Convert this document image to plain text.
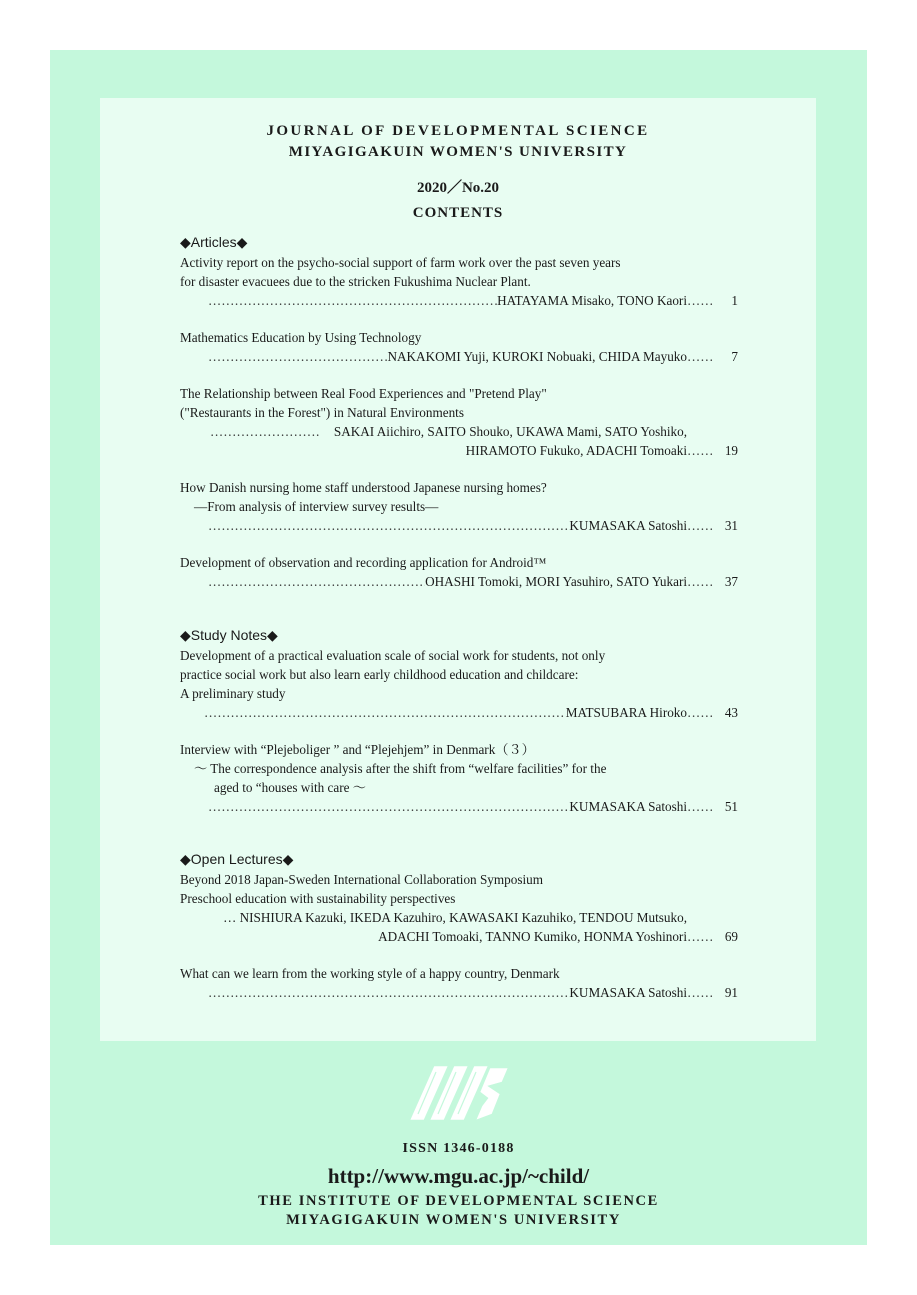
JOURNAL OF DEVELOPMENTAL SCIENCE
MIYAGIGAKUIN WOMEN'S UNIVERSITY
2020／No.20
CONTENTS
◆Articles◆
Activity report on the psycho-social support of farm work over the past seven years
for disaster evacuees due to the stricken Fukushima Nuclear Plant.
…………………………………………………………………………………………………………………………………………………………………………………………………………………………………………
HATAYAMA Misako, TONO Kaori	…… 1
Mathematics Education by Using Technology
…………………………………………………………………………………………………………………………………………………………………………………………………………………………………………
NAKAKOMI Yuji, KUROKI Nobuaki, CHIDA Mayuko	…… 7
The Relationship between Real Food Experiences and "Pretend Play"
("Restaurants in the Forest") in Natural Environments
…………………………………………………………………………………………………………………………………………………………………………………………………………………………………………
SAKAI Aiichiro, SAITO Shouko, UKAWA Mami, SATO Yoshiko,
HIRAMOTO Fukuko, ADACHI Tomoaki	…… 19
How Danish nursing home staff understood Japanese nursing homes?
—From analysis of interview survey results—
…………………………………………………………………………………………………………………………………………………………………………………………………………………………………………
KUMASAKA Satoshi	…… 31
Development of observation and recording application for Android™
…………………………………………………………………………………………………………………………………………………………………………………………………………………………………………
OHASHI Tomoki, MORI Yasuhiro, SATO Yukari	…… 37
◆Study Notes◆
Development of a practical evaluation scale of social work for students, not only
practice social work but also learn early childhood education and childcare:
A preliminary study
…………………………………………………………………………………………………………………………………………………………………………………………………………………………………………
MATSUBARA Hiroko	…… 43
Interview with “Plejeboliger ” and “Plejehjem” in Denmark（３）
～ The correspondence analysis after the shift from “welfare facilities” for the
aged to “houses with care ～
…………………………………………………………………………………………………………………………………………………………………………………………………………………………………………
KUMASAKA Satoshi	…… 51
◆Open Lectures◆
Beyond 2018 Japan-Sweden International Collaboration Symposium
Preschool education with sustainability perspectives
… NISHIURA Kazuki, IKEDA Kazuhiro, KAWASAKI Kazuhiko, TENDOU Mutsuko,
ADACHI Tomoaki, TANNO Kumiko, HONMA Yoshinori	…… 69
What can we learn from the working style of a happy country, Denmark
…………………………………………………………………………………………………………………………………………………………………………………………………………………………………………
KUMASAKA Satoshi	…… 91
ISSN 1346-0188
http://www.mgu.ac.jp/~child/
THE INSTITUTE OF DEVELOPMENTAL SCIENCE
MIYAGIGAKUIN WOMEN'S UNIVERSITY
